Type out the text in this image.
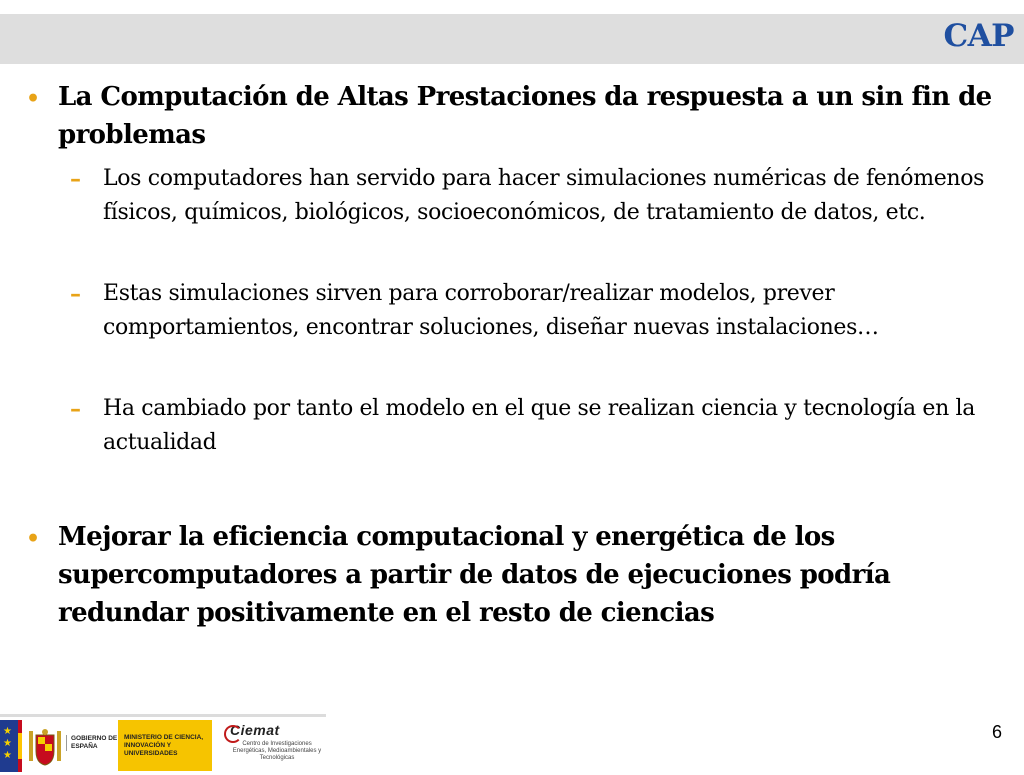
CAP
• La Computación de Altas Prestaciones da respuesta a un sin fin de problemas
– Los computadores han servido para hacer simulaciones numéricas de fenómenos físicos, químicos, biológicos, socioeconómicos, de tratamiento de datos, etc.
– Estas simulaciones sirven para corroborar/realizar modelos, prever comportamientos, encontrar soluciones, diseñar nuevas instalaciones…
– Ha cambiado por tanto el modelo en el que se realizan ciencia y tecnología en la actualidad
• Mejorar la eficiencia computacional y energética de los supercomputadores a partir de datos de ejecuciones podría redundar positivamente en el resto de ciencias
★
★
★
GOBIERNO DE ESPAÑA
MINISTERIO DE CIENCIA, INNOVACIÓN Y UNIVERSIDADES
Ciemat
Centro de Investigaciones Energéticas, Medioambientales y Tecnológicas
6
